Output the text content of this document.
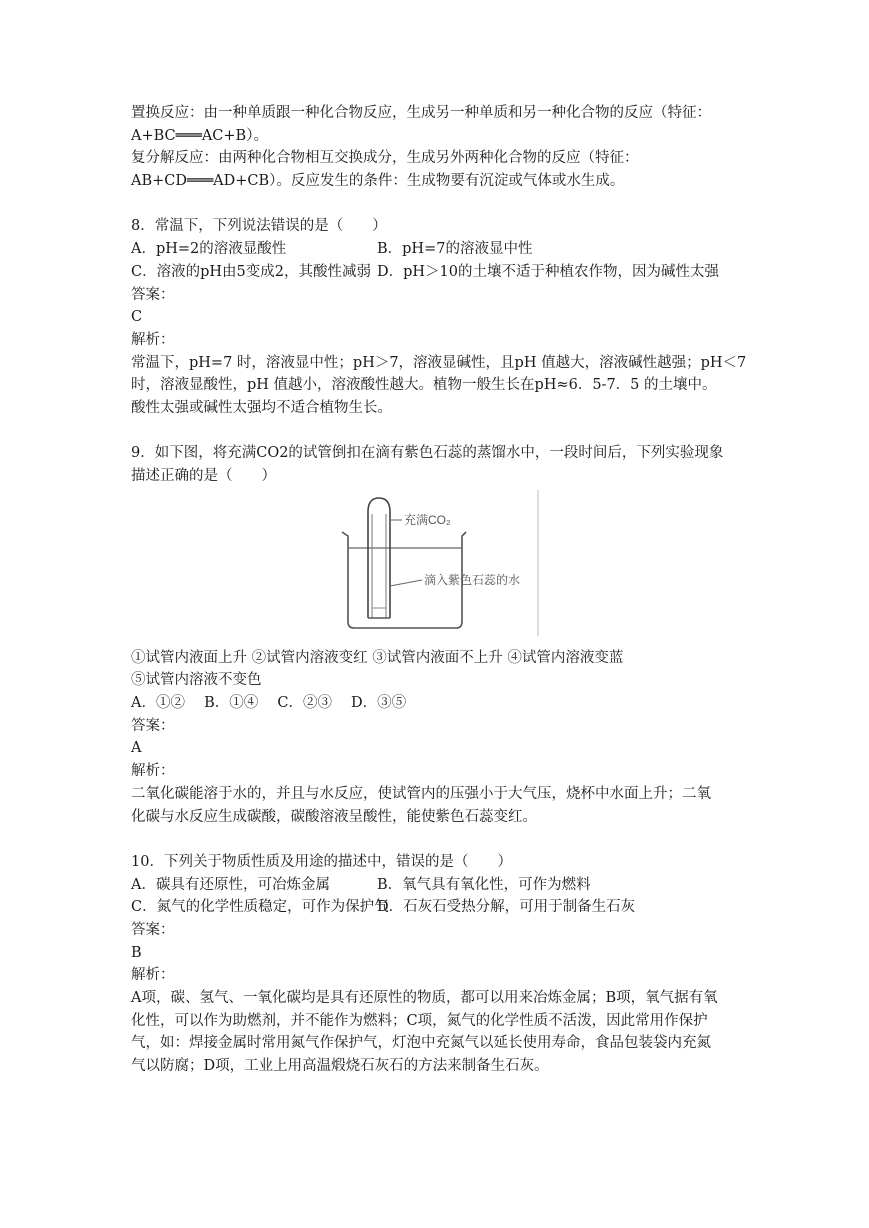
置换反应：由一种单质跟一种化合物反应，生成另一种单质和另一种化合物的反应（特征：
A+BC═══AC+B）。
复分解反应：由两种化合物相互交换成分，生成另外两种化合物的反应（特征：
AB+CD═══AD+CB）。反应发生的条件：生成物要有沉淀或气体或水生成。
8．常温下，下列说法错误的是（　　）
A．pH=2的溶液显酸性	B．pH=7的溶液显中性
C．溶液的pH由5变成2，其酸性减弱 D．pH＞10的土壤不适于种植农作物，因为碱性太强
答案：
C
解析：
常温下，pH=7 时，溶液显中性；pH＞7，溶液显碱性，且pH 值越大，溶液碱性越强；pH＜7
时，溶液显酸性，pH 值越小，溶液酸性越大。植物一般生长在pH≈6．5-7．5 的土壤中。
酸性太强或碱性太强均不适合植物生长。
9．如下图，将充满CO2的试管倒扣在滴有紫色石蕊的蒸馏水中，一段时间后，下列实验现象
描述正确的是（　　）
充满CO₂
滴入紫色石蕊的水
①试管内液面上升 ②试管内溶液变红 ③试管内液面不上升 ④试管内溶液变蓝
⑤试管内溶液不变色
A．①②　 B．①④　 C．②③　 D．③⑤
答案：
A
解析：
二氧化碳能溶于水的，并且与水反应，使试管内的压强小于大气压，烧杯中水面上升；二氧
化碳与水反应生成碳酸，碳酸溶液呈酸性，能使紫色石蕊变红。
10．下列关于物质性质及用途的描述中，错误的是（　　）
A．碳具有还原性，可冶炼金属	B．氧气具有氧化性，可作为燃料
C．氮气的化学性质稳定，可作为保护气
D．石灰石受热分解，可用于制备生石灰
答案：
B
解析：
A项，碳、氢气、一氧化碳均是具有还原性的物质，都可以用来冶炼金属；B项，氧气据有氧
化性，可以作为助燃剂，并不能作为燃料；C项，氮气的化学性质不活泼，因此常用作保护
气，如：焊接金属时常用氮气作保护气，灯泡中充氮气以延长使用寿命，食品包装袋内充氮
气以防腐；D项，工业上用高温煅烧石灰石的方法来制备生石灰。
